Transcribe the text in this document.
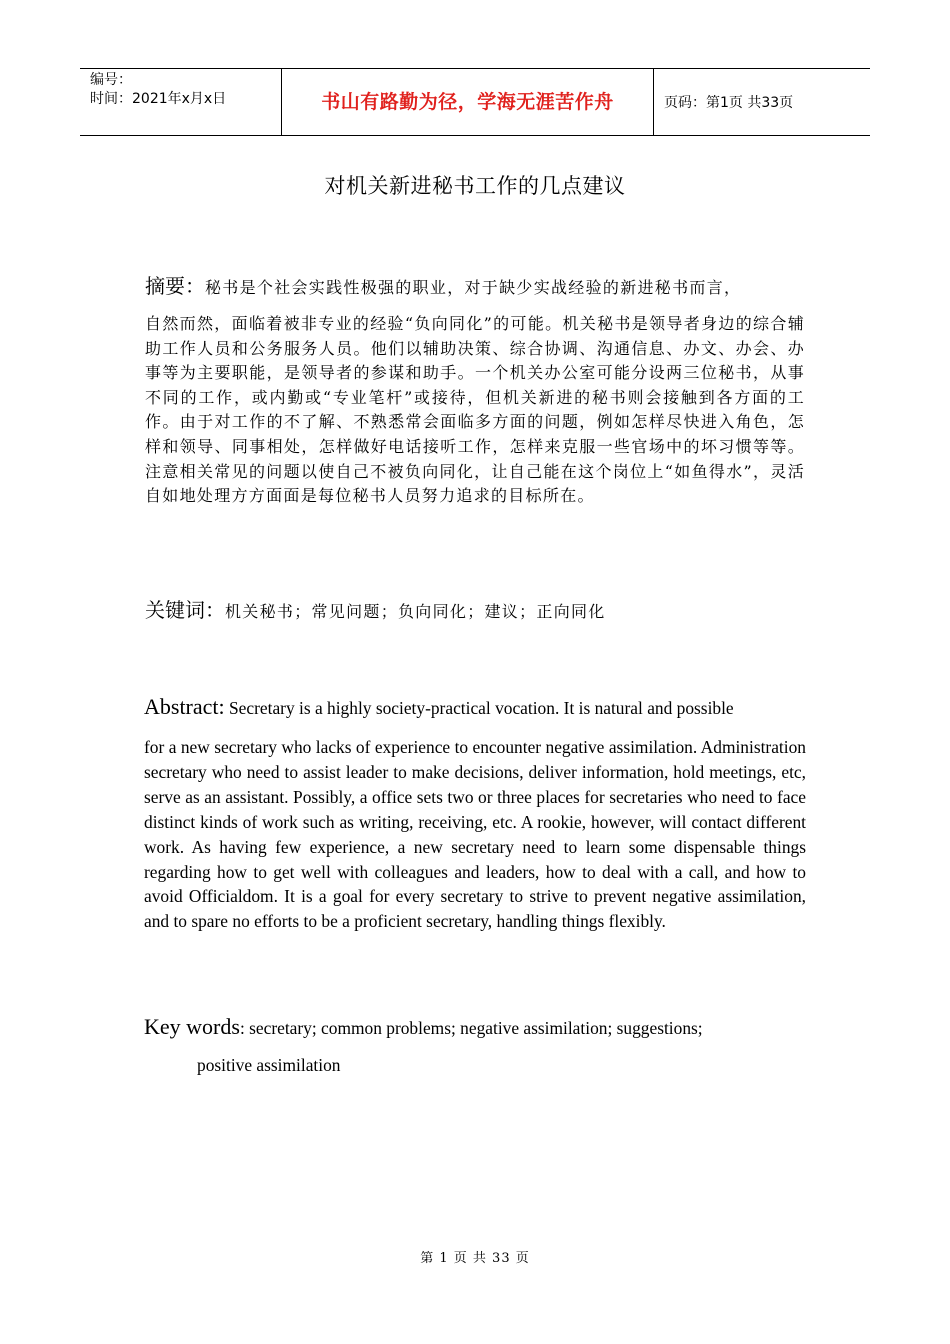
编号：
时间：2021年x月x日	书山有路勤为径，学海无涯苦作舟	页码：第1页 共33页
对机关新进秘书工作的几点建议
摘要：秘书是个社会实践性极强的职业，对于缺少实战经验的新进秘书而言，
自然而然，面临着被非专业的经验“负向同化”的可能。机关秘书是领导者身边的综合辅助工作人员和公务服务人员。他们以辅助决策、综合协调、沟通信息、办文、办会、办事等为主要职能，是领导者的参谋和助手。一个机关办公室可能分设两三位秘书，从事不同的工作，或内勤或“专业笔杆”或接待，但机关新进的秘书则会接触到各方面的工作。由于对工作的不了解、不熟悉常会面临多方面的问题，例如怎样尽快进入角色，怎样和领导、同事相处，怎样做好电话接听工作，怎样来克服一些官场中的坏习惯等等。注意相关常见的问题以使自己不被负向同化，让自己能在这个岗位上“如鱼得水”，灵活自如地处理方方面面是每位秘书人员努力追求的目标所在。
关键词：机关秘书；常见问题；负向同化；建议；正向同化
Abstract: Secretary is a highly society-practical vocation. It is natural and possible
for a new secretary who lacks of experience to encounter negative assimilation. Administration secretary who need to assist leader to make decisions, deliver information, hold meetings, etc, serve as an assistant. Possibly, a office sets two or three places for secretaries who need to face distinct kinds of work such as writing, receiving, etc. A rookie, however, will contact different work. As having few experience, a new secretary need to learn some dispensable things regarding how to get well with colleagues and leaders, how to deal with a call, and how to avoid Officialdom. It is a goal for every secretary to strive to prevent negative assimilation, and to spare no efforts to be a proficient secretary, handling things flexibly.
Key words: secretary; common problems; negative assimilation; suggestions;
positive assimilation
第 1 页 共 33 页
